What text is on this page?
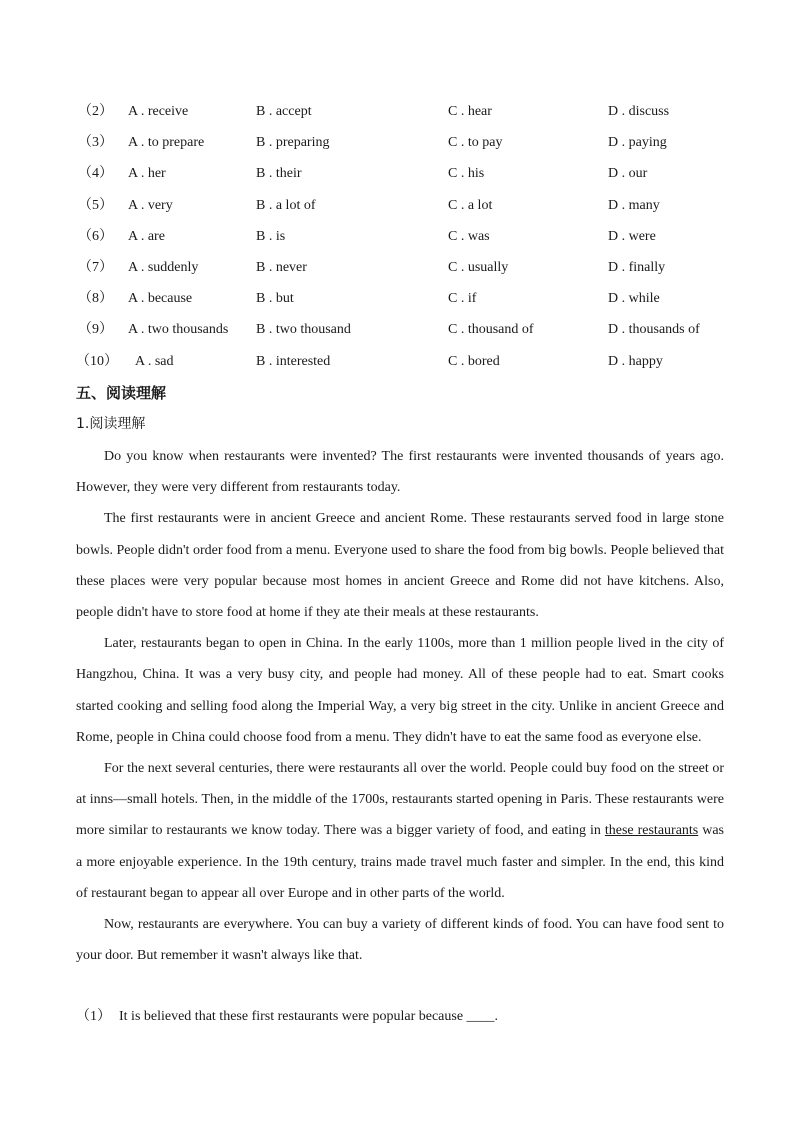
（2） A . receive	B . accept	C . hear	D . discuss
（3） A . to prepare	B . preparing	C . to pay	D . paying
（4） A . her	B . their	C . his	D . our
（5） A . very	B . a lot of	C . a lot	D . many
（6） A . are	B . is	C . was	D . were
（7） A . suddenly	B . never	C . usually	D . finally
（8） A . because	B . but	C . if	D . while
（9） A . two thousands B . two thousand	C . thousand of	D . thousands of
（10） A . sad	B . interested	C . bored	D . happy
五、阅读理解
1.阅读理解

Do you know when restaurants were invented? The first restaurants were invented thousands of years ago. However, they were very different from restaurants today.

The first restaurants were in ancient Greece and ancient Rome. These restaurants served food in large stone bowls. People didn't order food from a menu. Everyone used to share the food from big bowls. People believed that these places were very popular because most homes in ancient Greece and Rome did not have kitchens. Also, people didn't have to store food at home if they ate their meals at these restaurants.

Later, restaurants began to open in China. In the early 1100s, more than 1 million people lived in the city of Hangzhou, China. It was a very busy city, and people had money. All of these people had to eat. Smart cooks started cooking and selling food along the Imperial Way, a very big street in the city. Unlike in ancient Greece and Rome, people in China could choose food from a menu. They didn't have to eat the same food as everyone else.

For the next several centuries, there were restaurants all over the world. People could buy food on the street or at inns—small hotels. Then, in the middle of the 1700s, restaurants started opening in Paris. These restaurants were more similar to restaurants we know today. There was a bigger variety of food, and eating in these restaurants was a more enjoyable experience. In the 19th century, trains made travel much faster and simpler. In the end, this kind of restaurant began to appear all over Europe and in other parts of the world.

Now, restaurants are everywhere. You can buy a variety of different kinds of food. You can have food sent to your door. But remember it wasn't always like that.

（1） It is believed that these first restaurants were popular because ____.
